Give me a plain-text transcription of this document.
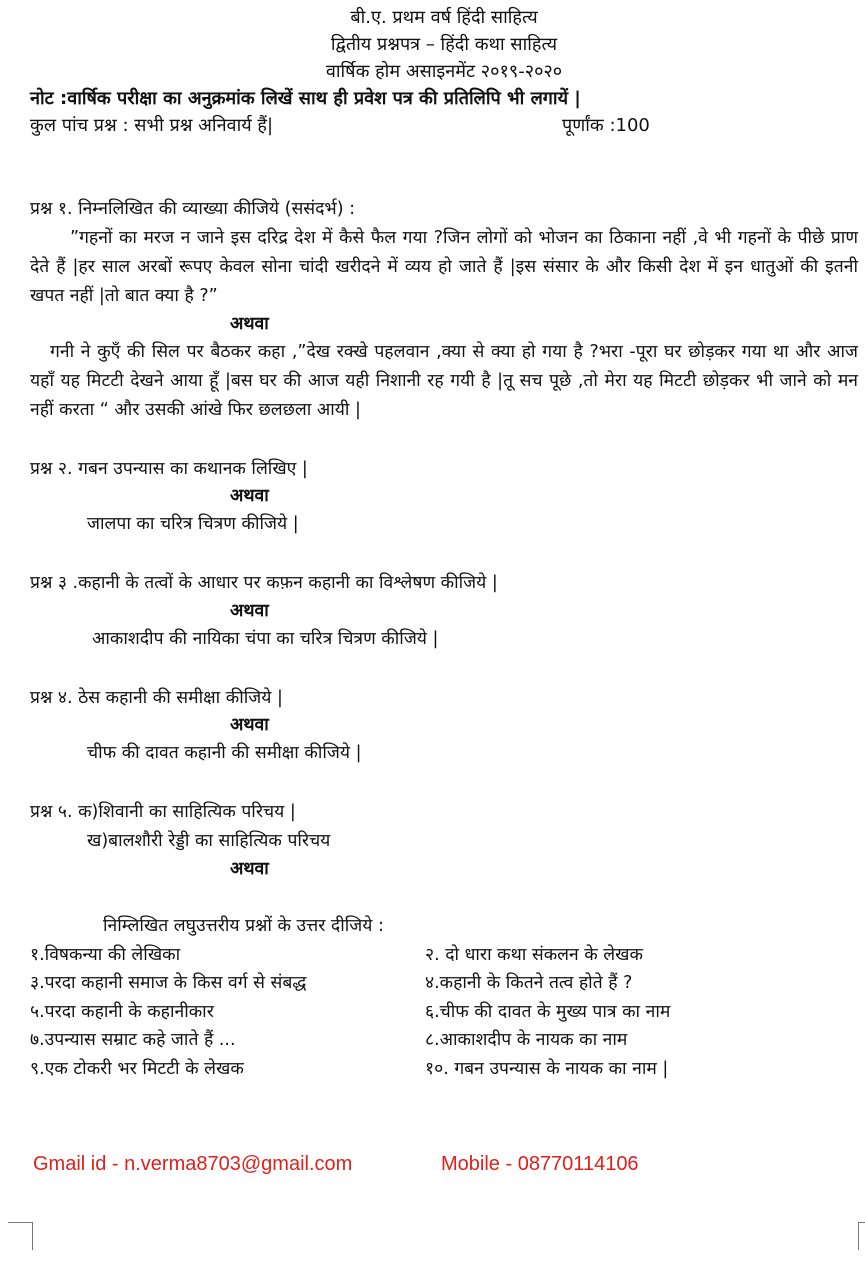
बी.ए. प्रथम वर्ष हिंदी साहित्य
द्वितीय प्रश्नपत्र – हिंदी कथा साहित्य
वार्षिक होम असाइनमेंट २०१९-२०२०
नोट :वार्षिक परीक्षा का अनुक्रमांक लिखें साथ ही प्रवेश पत्र की प्रतिलिपि भी लगायें |
कुल पांच प्रश्न : सभी प्रश्न अनिवार्य हैं|	पूर्णांक :100
प्रश्न १. निम्नलिखित की व्याख्या कीजिये (ससंदर्भ) :
”गहनों का मरज न जाने इस दरिद्र देश में कैसे फैल गया ?जिन लोगों को भोजन का ठिकाना नहीं ,वे भी गहनों के पीछे प्राण देते हैं |हर साल अरबों रूपए केवल सोना चांदी खरीदने में व्यय हो जाते हैं |इस संसार के और किसी देश में इन धातुओं की इतनी खपत नहीं |तो बात क्या है ?”
अथवा
गनी ने कुएँ की सिल पर बैठकर कहा ,”देख रक्खे पहलवान ,क्या से क्या हो गया है ?भरा -पूरा घर छोड़कर गया था और आज यहाँ यह मिटटी देखने आया हूँ |बस घर की आज यही निशानी रह गयी है |तू सच पूछे ,तो मेरा यह मिटटी छोड़कर भी जाने को मन नहीं करता “ और उसकी आंखे फिर छलछला आयी |
प्रश्न २. गबन उपन्यास का कथानक लिखिए |
अथवा
जालपा का चरित्र चित्रण कीजिये |
प्रश्न ३ .कहानी के तत्वों के आधार पर कफ़न कहानी का विश्लेषण कीजिये |
अथवा
आकाशदीप की नायिका चंपा का चरित्र चित्रण कीजिये |
प्रश्न ४. ठेस कहानी की समीक्षा कीजिये |
अथवा
चीफ की दावत कहानी की समीक्षा कीजिये |
प्रश्न ५. क)शिवानी का साहित्यिक परिचय |
ख)बालशौरी रेड्डी का साहित्यिक परिचय
अथवा
निम्लिखित लघुउत्तरीय प्रश्नों के उत्तर दीजिये :
१.विषकन्या की लेखिका	२. दो धारा कथा संकलन के लेखक
३.परदा कहानी समाज के किस वर्ग से संबद्ध	४.कहानी के कितने तत्व होते हैं ?
५.परदा कहानी के कहानीकार	६.चीफ की दावत के मुख्य पात्र का नाम
७.उपन्यास सम्राट कहे जाते हैं ...	८.आकाशदीप के नायक का नाम
९.एक टोकरी भर मिटटी के लेखक	१०. गबन उपन्यास के नायक का नाम |
Gmail id - n.verma8703@gmail.com	Mobile - 08770114106
